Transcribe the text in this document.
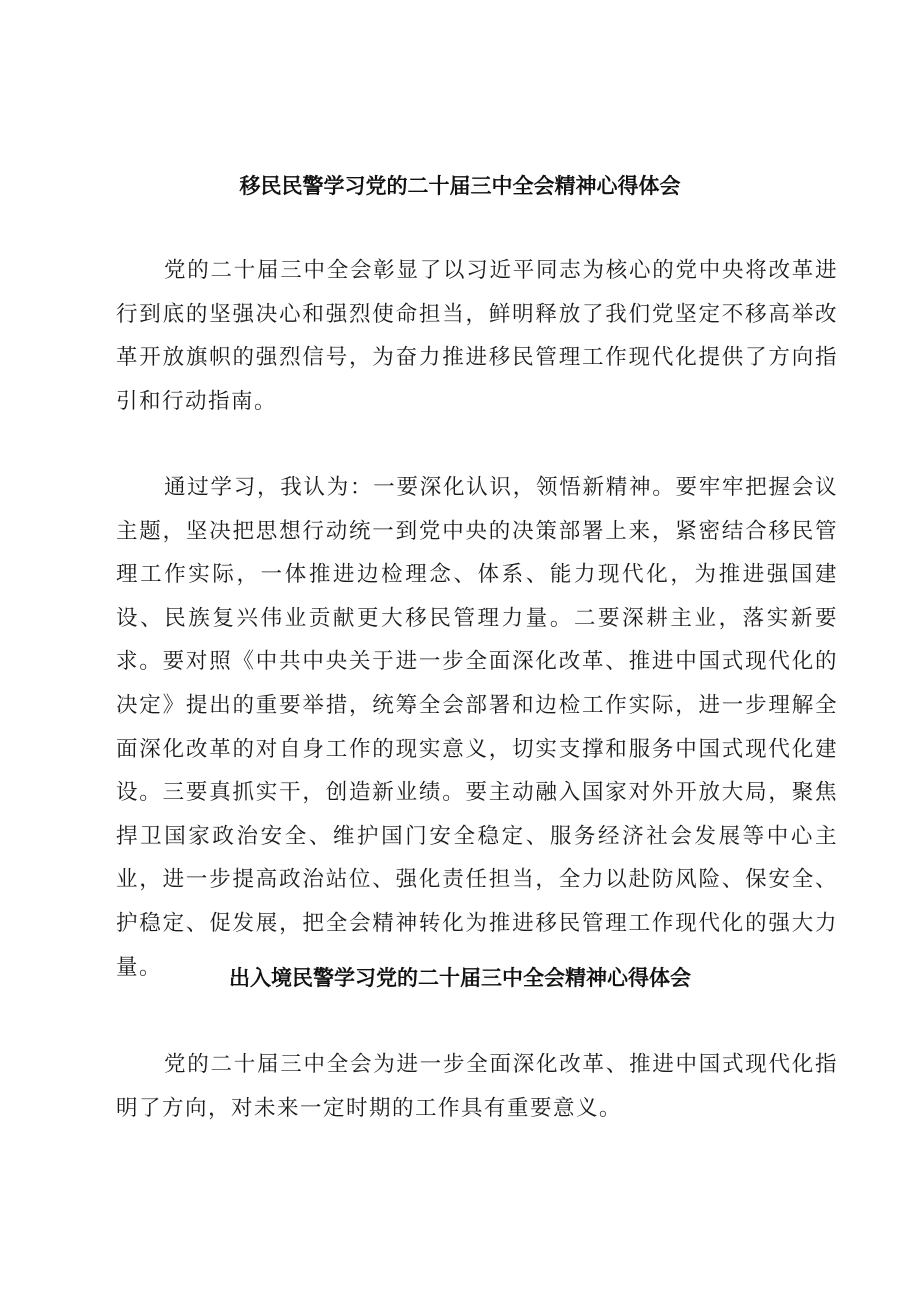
移民民警学习党的二十届三中全会精神心得体会

党的二十届三中全会彰显了以习近平同志为核心的党中央将改革进行到底的坚强决心和强烈使命担当，鲜明释放了我们党坚定不移高举改革开放旗帜的强烈信号，为奋力推进移民管理工作现代化提供了方向指引和行动指南。

通过学习，我认为：一要深化认识，领悟新精神。要牢牢把握会议主题，坚决把思想行动统一到党中央的决策部署上来，紧密结合移民管理工作实际，一体推进边检理念、体系、能力现代化，为推进强国建设、民族复兴伟业贡献更大移民管理力量。二要深耕主业，落实新要求。要对照《中共中央关于进一步全面深化改革、推进中国式现代化的决定》提出的重要举措，统筹全会部署和边检工作实际，进一步理解全面深化改革的对自身工作的现实意义，切实支撑和服务中国式现代化建设。三要真抓实干，创造新业绩。要主动融入国家对外开放大局，聚焦捍卫国家政治安全、维护国门安全稳定、服务经济社会发展等中心主业，进一步提高政治站位、强化责任担当，全力以赴防风险、保安全、护稳定、促发展，把全会精神转化为推进移民管理工作现代化的强大力量。	出入境民警学习党的二十届三中全会精神心得体会

党的二十届三中全会为进一步全面深化改革、推进中国式现代化指明了方向，对未来一定时期的工作具有重要意义。
